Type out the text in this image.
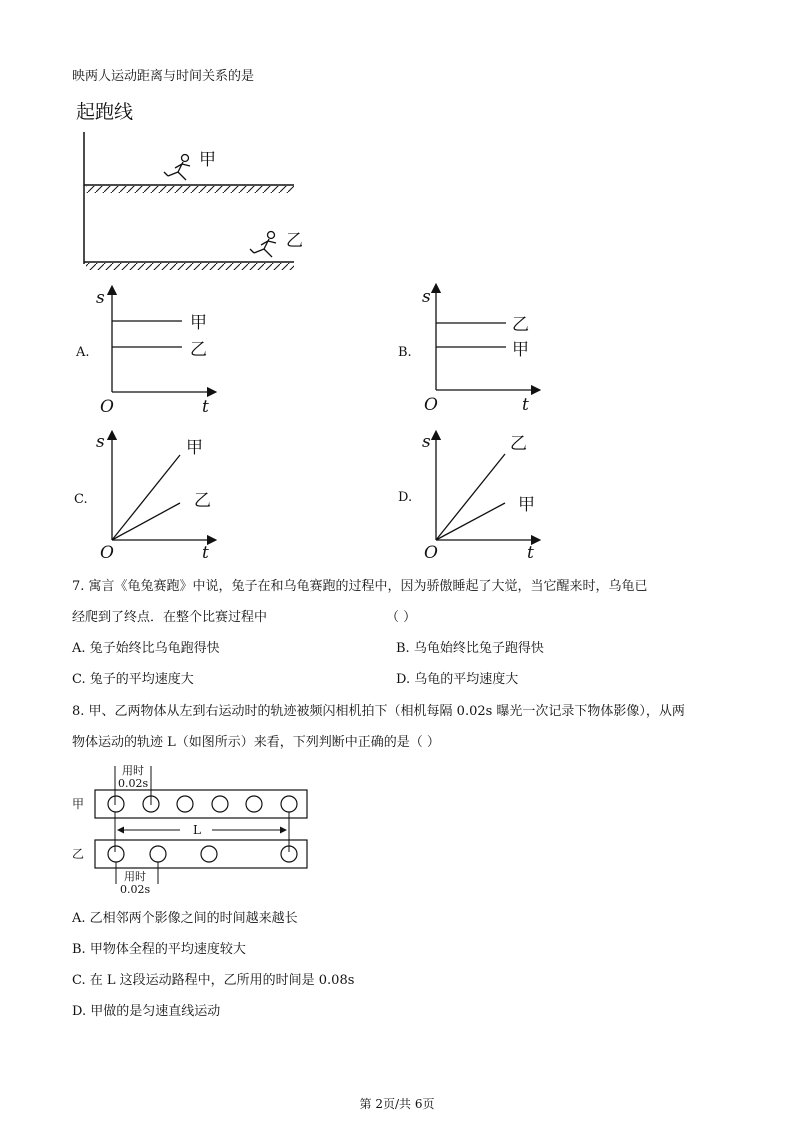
映两人运动距离与时间关系的是
起跑线
甲
乙
s
t
O
甲
乙
s
t
O
乙
甲
s
t
O
甲
乙
s
t
O
乙
甲
A.	B.
C.	D.
7. 寓言《龟兔赛跑》中说，兔子在和乌龟赛跑的过程中，因为骄傲睡起了大觉，当它醒来时，乌龟已
经爬到了终点．在整个比赛过程中	（ ）
A. 兔子始终比乌龟跑得快	B. 乌龟始终比兔子跑得快
C. 兔子的平均速度大	D. 乌龟的平均速度大
8. 甲、乙两物体从左到右运动时的轨迹被频闪相机拍下（相机每隔 0.02s 曝光一次记录下物体影像），从两
物体运动的轨迹 L（如图所示）来看，下列判断中正确的是（ ）
用时
0.02s
甲
L
乙
用时
0.02s
A. 乙相邻两个影像之间的时间越来越长
B. 甲物体全程的平均速度较大
C. 在 L 这段运动路程中，乙所用的时间是 0.08s
D. 甲做的是匀速直线运动
第 2页/共 6页
